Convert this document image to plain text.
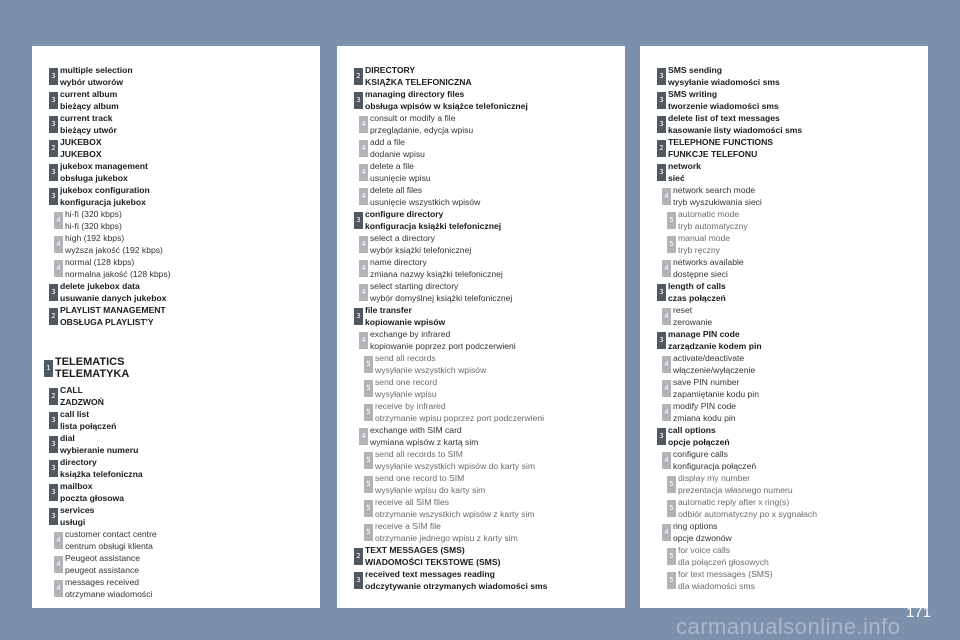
3
multiple selection
wybór utworów
3
current album
bieżący album
3
current track
bieżący utwór
2
JUKEBOX
JUKEBOX
3
jukebox management
obsługa jukebox
3
jukebox configuration
konfiguracja jukebox
4
hi-fi (320 kbps)
hi-fi (320 kbps)
4
high (192 kbps)
wyższa jakość (192 kbps)
4
normal (128 kbps)
normalna jakość (128 kbps)
3
delete jukebox data
usuwanie danych jukebox
2
PLAYLIST MANAGEMENT
OBSŁUGA PLAYLIST'Y
1 TELEMATICS
TELEMATYKA
2
CALL
ZADZWOŃ
3
call list
lista połączeń
3
dial
wybieranie numeru
3
directory
książka telefoniczna
3
mailbox
poczta głosowa
3
services
usługi
4
customer contact centre
centrum obsługi klienta
4
Peugeot assistance
peugeot assistance
4
messages received
otrzymane wiadomości
2
DIRECTORY
KSIĄŻKA TELEFONICZNA
3
managing directory files
obsługa wpisów w książce telefonicznej
4
consult or modify a file
przeglądanie, edycja wpisu
4
add a file
dodanie wpisu
4
delete a file
usunięcie wpisu
4
delete all files
usunięcie wszystkich wpisów
3
configure directory
konfiguracja książki telefonicznej
4
select a directory
wybór książki telefonicznej
4
name directory
zmiana nazwy książki telefonicznej
4
select starting directory
wybór domyślnej książki telefonicznej
3
file transfer
kopiowanie wpisów
4
exchange by infrared
kopiowanie poprzez port podczerwieni
5
send all records
wysyłanie wszystkich wpisów
5
send one record
wysyłanie wpisu
5
receive by infrared
otrzymanie wpisu poprzez port podczerwieni
4
exchange with SIM card
wymiana wpisów z kartą sim
5
send all records to SIM
wysyłanie wszystkich wpisów do karty sim
5
send one record to SIM
wysyłanie wpisu do karty sim
5
receive all SIM files
otrzymanie wszystkich wpisów z karty sim
5
receive a SIM file
otrzymanie jednego wpisu z karty sim
2
TEXT MESSAGES (SMS)
WIADOMOŚCI TEKSTOWE (SMS)
3
received text messages reading
odczytywanie otrzymanych wiadomości sms
3
SMS sending
wysyłanie wiadomości sms
3
SMS writing
tworzenie wiadomości sms
3
delete list of text messages
kasowanie listy wiadomości sms
2
TELEPHONE FUNCTIONS
FUNKCJE TELEFONU
3
network
sieć
4
network search mode
tryb wyszukiwania sieci
5
automatic mode
tryb automatyczny
5
manual mode
tryb ręczny
4
networks available
dostępne sieci
3
length of calls
czas połączeń
4
reset
zerowanie
3
manage PIN code
zarządzanie kodem pin
4
activate/deactivate
włączenie/wyłączenie
4
save PIN number
zapamiętanie kodu pin
4
modify PIN code
zmiana kodu pin
3
call options
opcje połączeń
4
configure calls
konfiguracja połączeń
5
display my number
prezentacja własnego numeru
5
automatic reply after x ring(s)
odbiór automatyczny po x sygnałach
4
ring options
opcje dzwonów
5
for voice calls
dla połączeń głosowych
5
for text messages (SMS)
dla wiadomości sms
171
carmanualsonline.info
